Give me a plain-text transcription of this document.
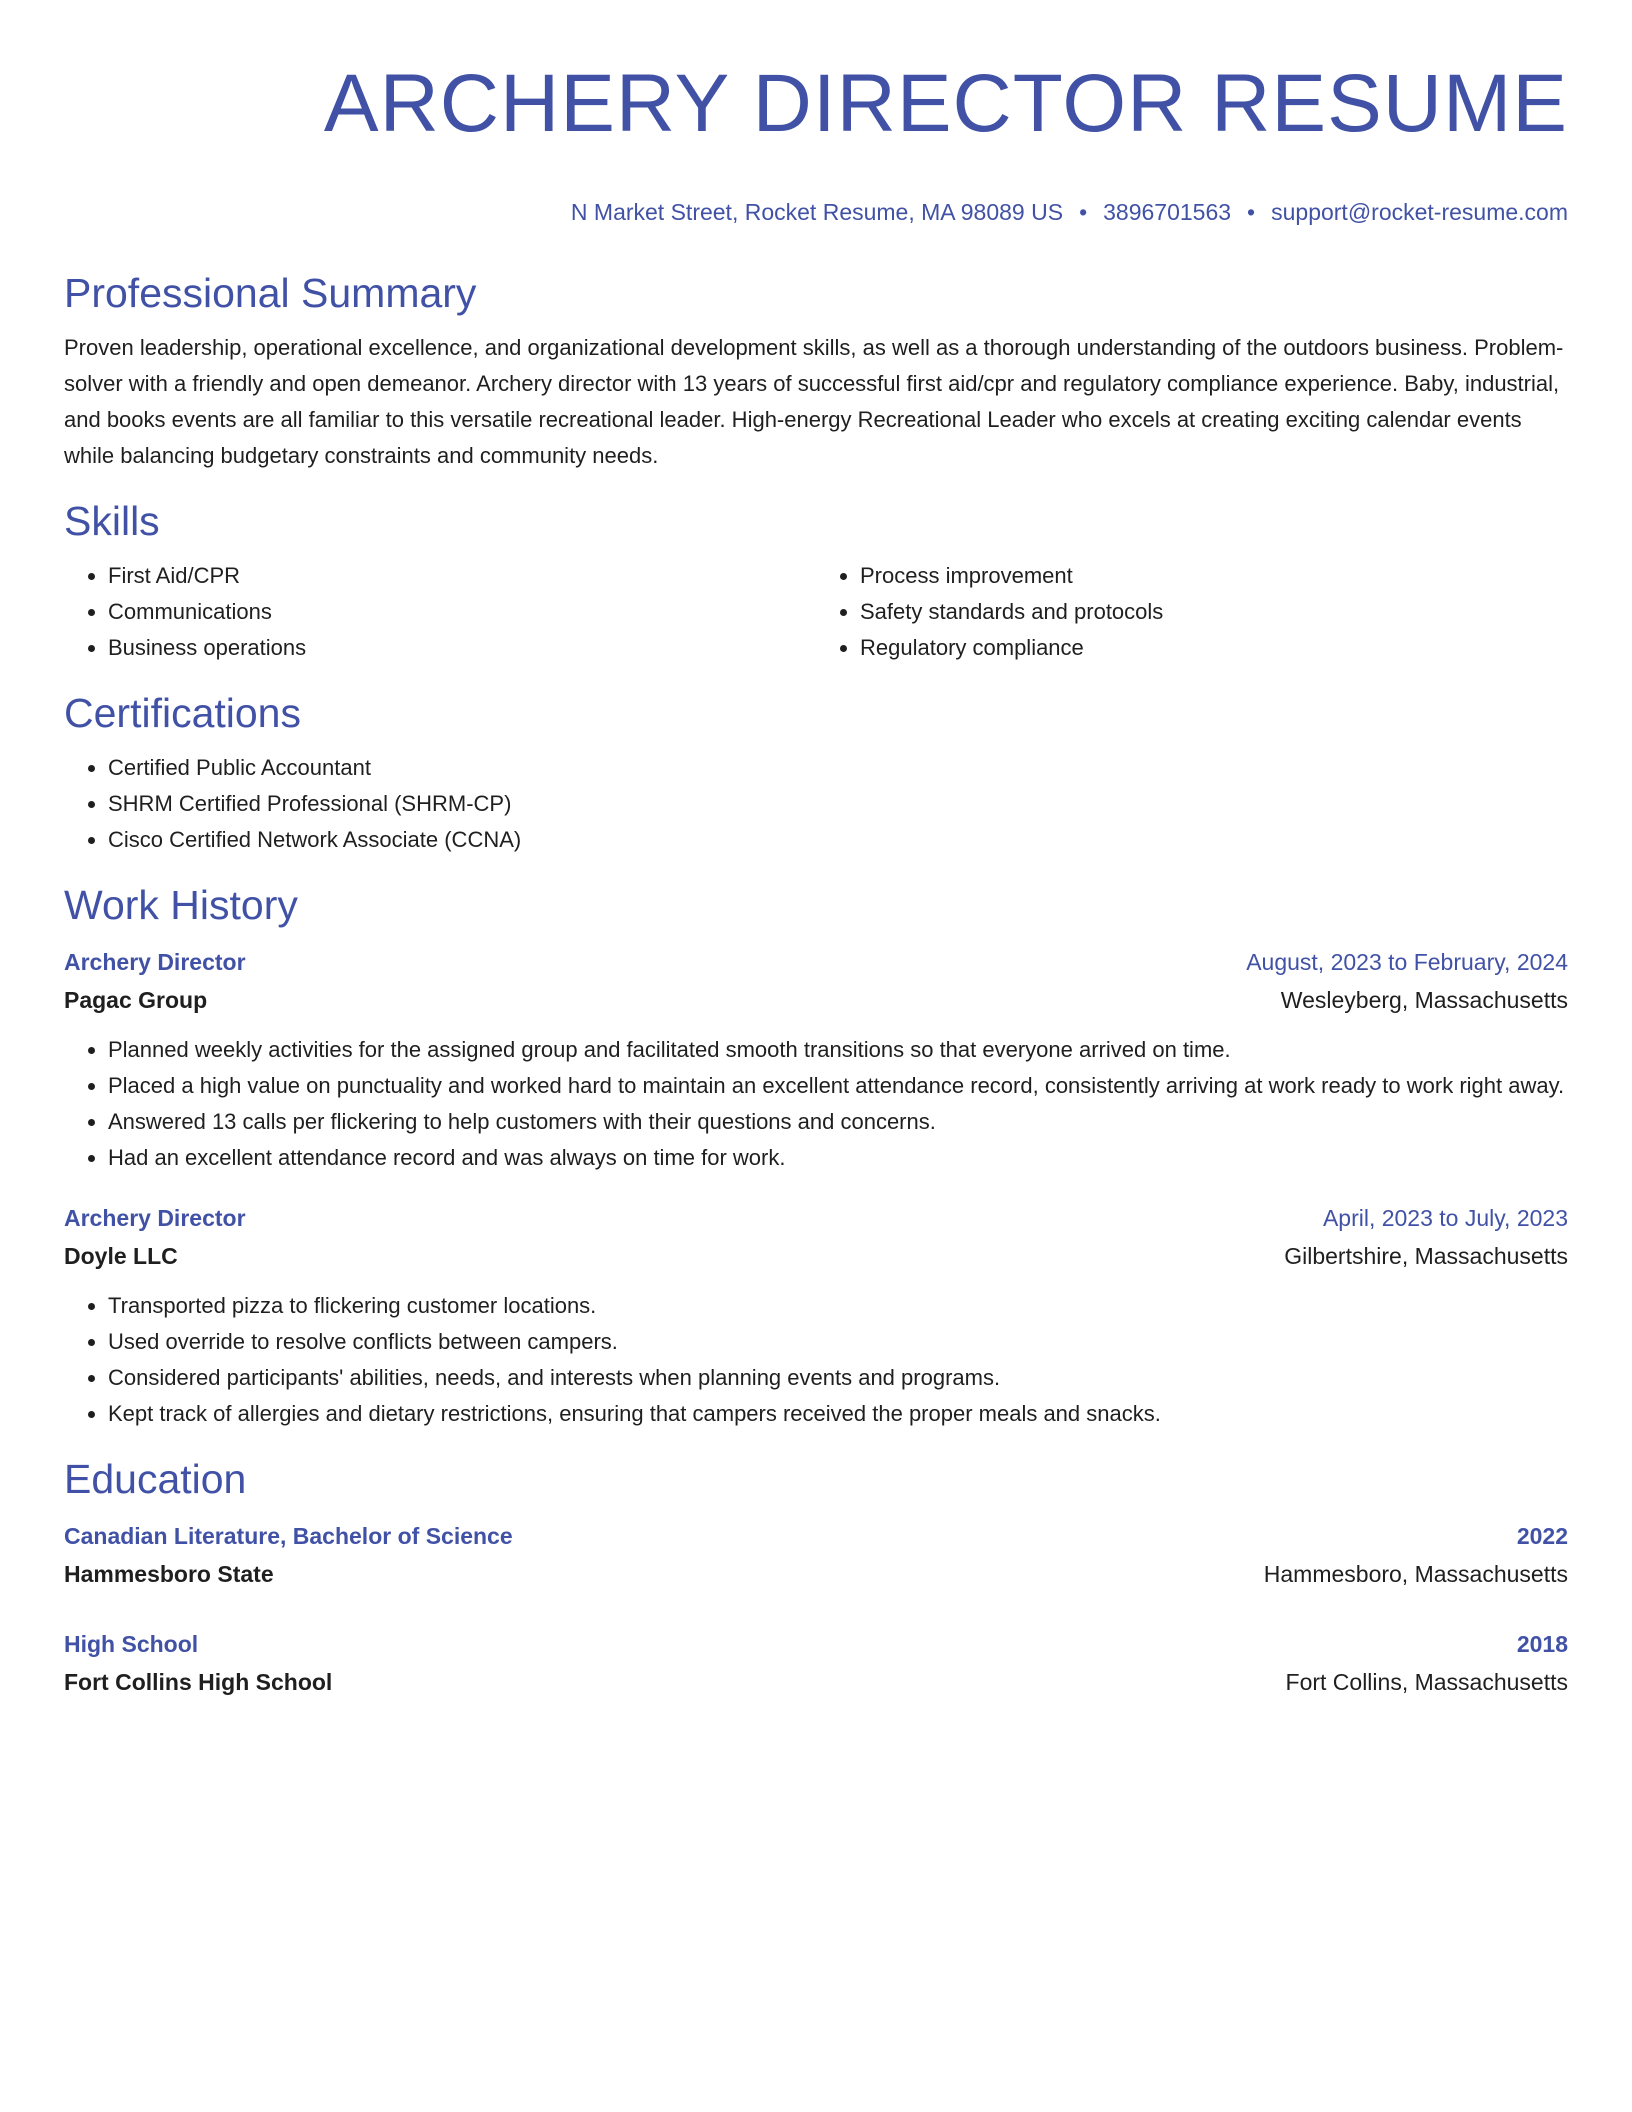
ARCHERY DIRECTOR RESUME
N Market Street, Rocket Resume, MA 98089 US • 3896701563 • support@rocket-resume.com
Professional Summary

Proven leadership, operational excellence, and organizational development skills, as well as a thorough understanding of the outdoors business. Problem-solver with a friendly and open demeanor. Archery director with 13 years of successful first aid/cpr and regulatory compliance experience. Baby, industrial, and books events are all familiar to this versatile recreational leader. High-energy Recreational Leader who excels at creating exciting calendar events while balancing budgetary constraints and community needs.

Skills
• First Aid/CPR
• Communications
• Business operations
• Process improvement
• Safety standards and protocols
• Regulatory compliance
Certifications
• Certified Public Accountant
• SHRM Certified Professional (SHRM-CP)
• Cisco Certified Network Associate (CCNA)
Work History
Archery Director	August, 2023 to February, 2024
Pagac Group	Wesleyberg, Massachusetts
• Planned weekly activities for the assigned group and facilitated smooth transitions so that everyone arrived on time.
• Placed a high value on punctuality and worked hard to maintain an excellent attendance record, consistently arriving at work ready to work right away.
• Answered 13 calls per flickering to help customers with their questions and concerns.
• Had an excellent attendance record and was always on time for work.
Archery Director	April, 2023 to July, 2023
Doyle LLC	Gilbertshire, Massachusetts
• Transported pizza to flickering customer locations.
• Used override to resolve conflicts between campers.
• Considered participants' abilities, needs, and interests when planning events and programs.
• Kept track of allergies and dietary restrictions, ensuring that campers received the proper meals and snacks.
Education
Canadian Literature, Bachelor of Science	2022
Hammesboro State	Hammesboro, Massachusetts
High School	2018
Fort Collins High School	Fort Collins, Massachusetts
